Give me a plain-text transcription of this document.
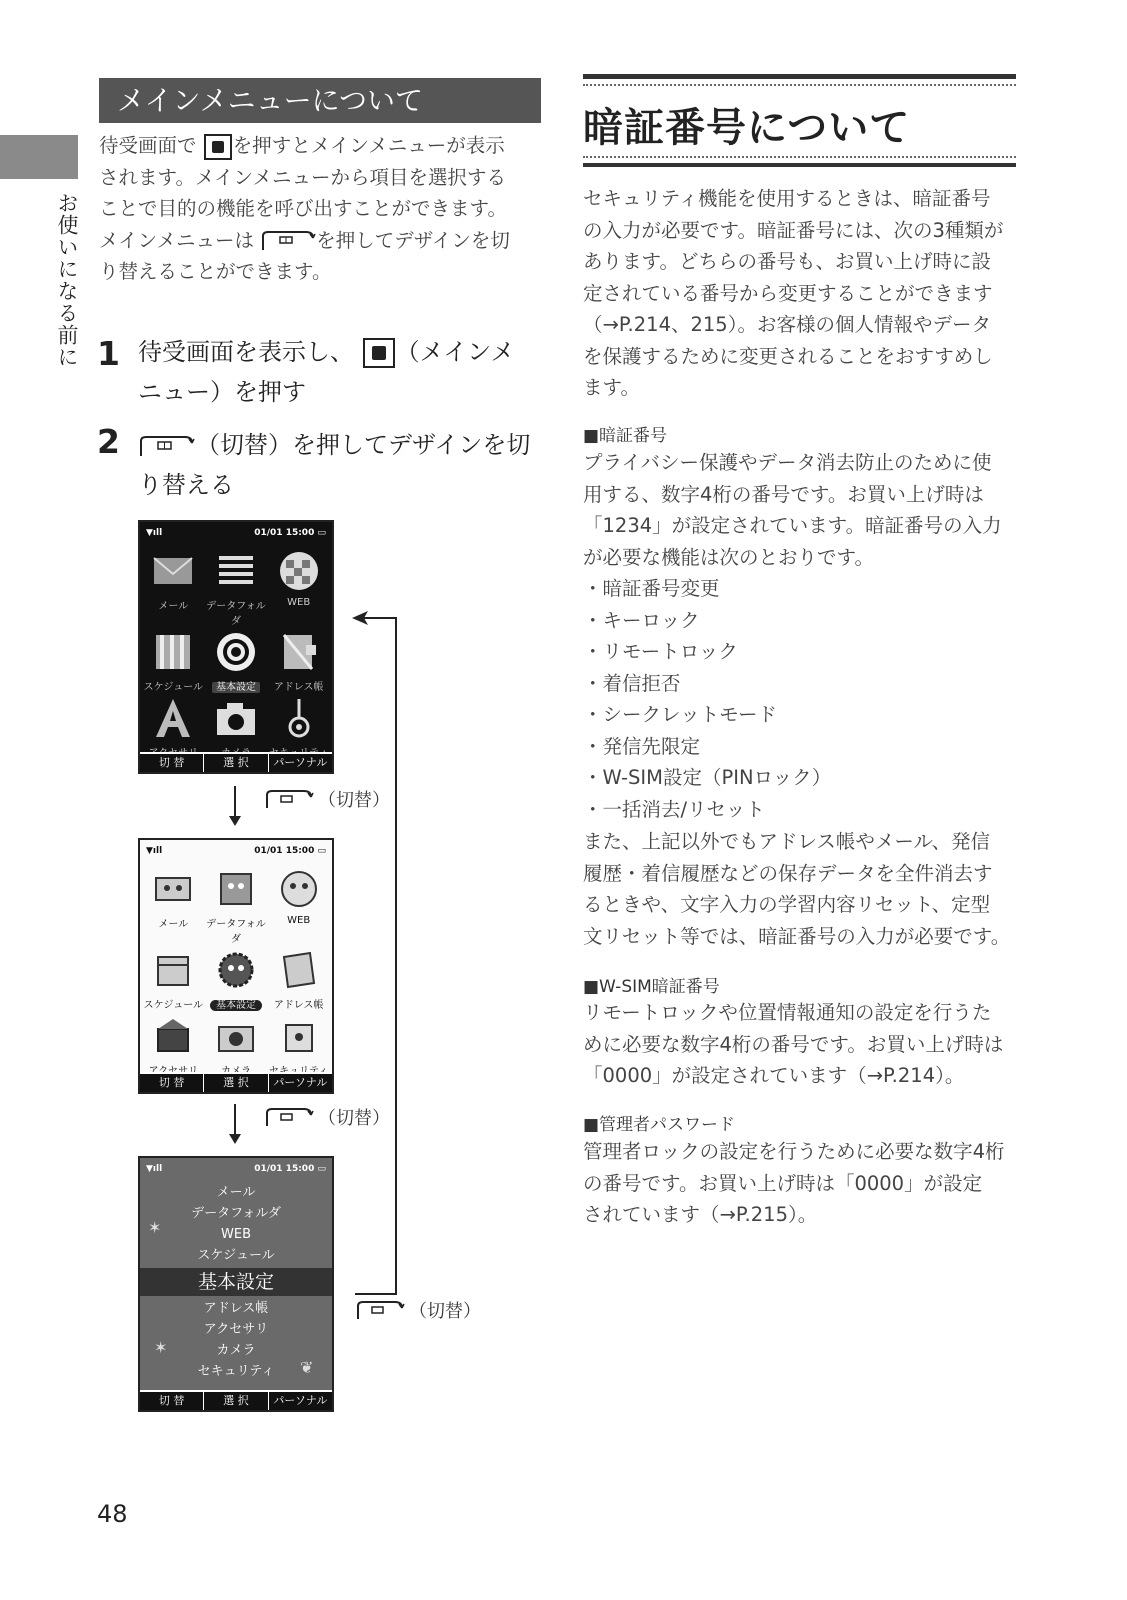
お使いになる前に
メインメニューについて
待受画面で を押すとメインメニューが表示
されます。メインメニューから項目を選択する
ことで目的の機能を呼び出すことができます。
メインメニューは	を押してデザインを切
り替えることができます。
1 待受画面を表示し、 （メインメ
ニュー）を押す
2	（切替）を押してデザインを切
り替える
▼ıll	01/01 15:00 ▭
メール	データフォルダ
WEB
スケジュール	基本設定	アドレス帳
切 替	選 択	パーソナル
（切替）
▼ıll	01/01 15:00 ▭
メール	データフォルダ
WEB
スケジュール	基本設定	アドレス帳
切 替	選 択	パーソナル
（切替）
▼ıll	01/01 15:00 ▭
✶
✶
❦
メール
データフォルダ
WEB
スケジュール
基本設定
アドレス帳
アクセサリ
カメラ
セキュリティ
切 替	選 択	パーソナル
（切替）
暗証番号について
セキュリティ機能を使用するときは、暗証番号
の入力が必要です。暗証番号には、次の3種類が
あります。どちらの番号も、お買い上げ時に設
定されている番号から変更することができます
（→P.214、215）。お客様の個人情報やデータ
を保護するために変更されることをおすすめし
ます。
■暗証番号
プライバシー保護やデータ消去防止のために使
用する、数字4桁の番号です。お買い上げ時は
「1234」が設定されています。暗証番号の入力
が必要な機能は次のとおりです。
・暗証番号変更
・キーロック
・リモートロック
・着信拒否
・シークレットモード
・発信先限定
・W-SIM設定（PINロック）
・一括消去/リセット
また、上記以外でもアドレス帳やメール、発信
履歴・着信履歴などの保存データを全件消去す
るときや、文字入力の学習内容リセット、定型
文リセット等では、暗証番号の入力が必要です。
■W-SIM暗証番号
リモートロックや位置情報通知の設定を行うた
めに必要な数字4桁の番号です。お買い上げ時は
「0000」が設定されています（→P.214）。
■管理者パスワード
管理者ロックの設定を行うために必要な数字4桁
の番号です。お買い上げ時は「0000」が設定
されています（→P.215）。
48
